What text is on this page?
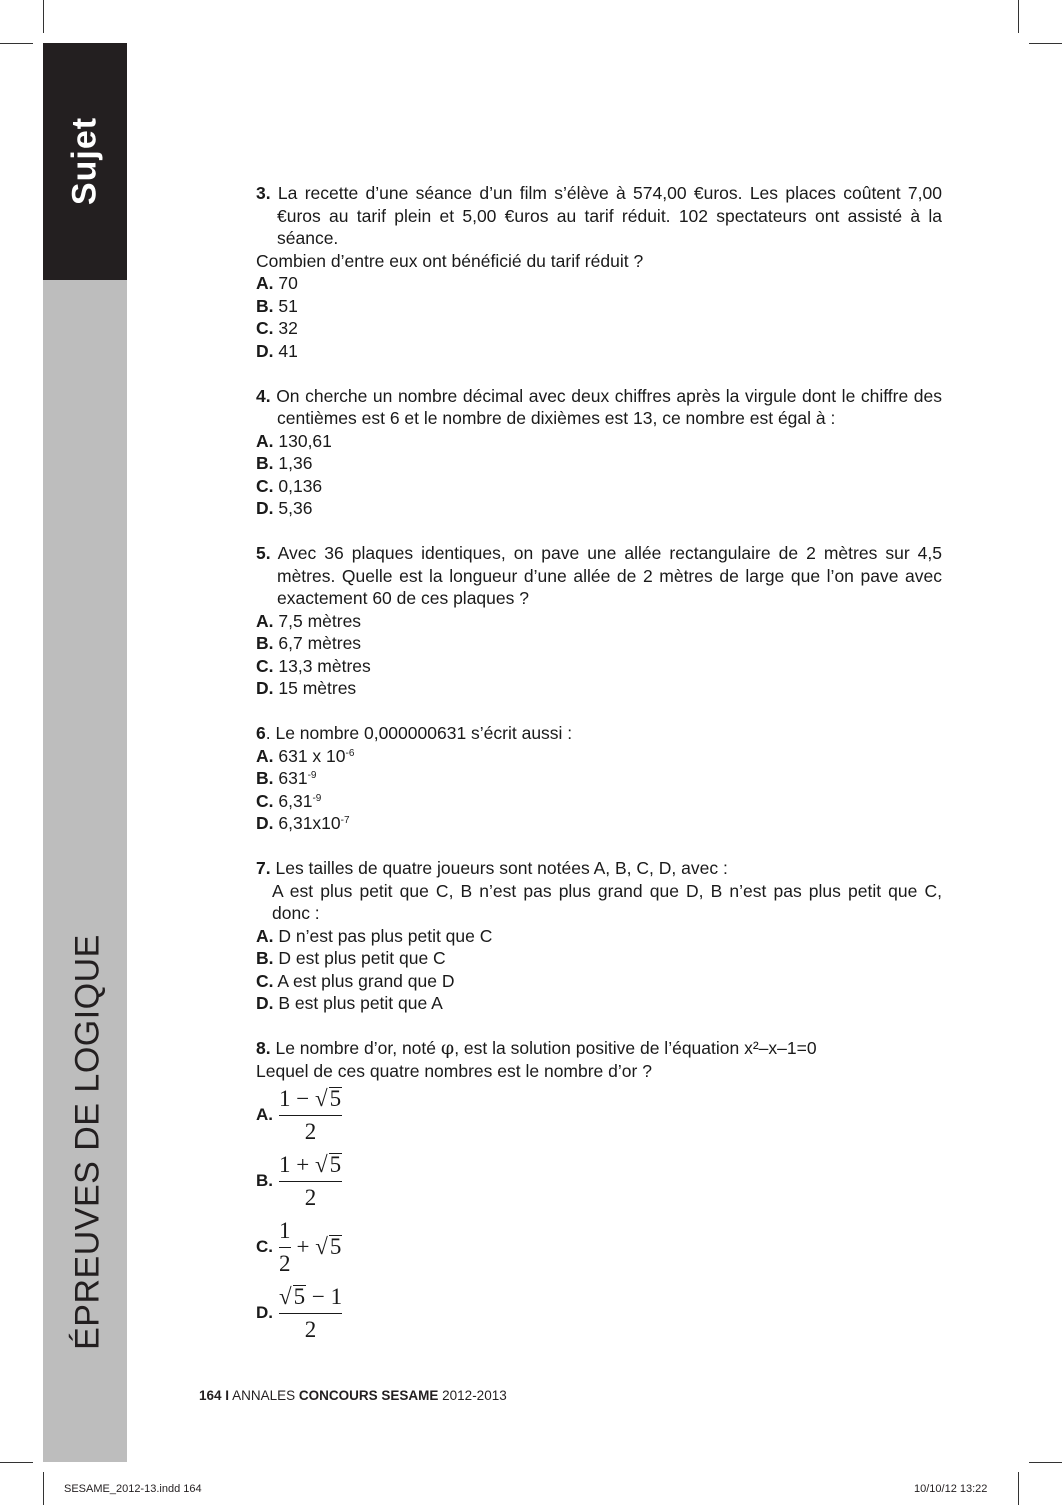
Sujet
ÉPREUVES DE LOGIQUE
3. La recette d’une séance d’un film s’élève à 574,00 €uros. Les places coûtent 7,00 €uros au tarif plein et 5,00 €uros au tarif réduit. 102 spectateurs ont assisté à la séance.
Combien d’entre eux ont bénéficié du tarif réduit ?
A. 70
B. 51
C. 32
D. 41
4. On cherche un nombre décimal avec deux chiffres après la virgule dont le chiffre des centièmes est 6 et le nombre de dixièmes est 13, ce nombre est égal à :
A. 130,61
B. 1,36
C. 0,136
D. 5,36
5. Avec 36 plaques identiques, on pave une allée rectangulaire de 2 mètres sur 4,5 mètres. Quelle est la longueur d’une allée de 2 mètres de large que l’on pave avec exactement 60 de ces plaques ?
A. 7,5 mètres
B. 6,7 mètres
C. 13,3 mètres
D. 15 mètres
6. Le nombre 0,000000631 s’écrit aussi :
A. 631 x $10^{-6}$
B. $631^{-9}$
C. $6,31^{-9}$
D. $6,31x10^{-7}$
7. Les tailles de quatre joueurs sont notées A, B, C, D, avec :
A est plus petit que C, B n’est pas plus grand que D, B n’est pas plus petit que C, donc :
A. D n’est pas plus petit que C
B. D est plus petit que C
C. A est plus grand que D
D. B est plus petit que A
8. Le nombre d’or, noté φ, est la solution positive de l’équation x²–x–1=0
Lequel de ces quatre nombres est le nombre d’or ?
A. $\frac{1 - √5}{2}$
B. $\frac{1 + √5}{2}$
C. $\frac{1}{2} + √5$
D. $\frac{√5 - 1}{2}$
164 I ANNALES CONCOURS SESAME 2012-2013
SESAME_2012-13.indd 164	10/10/12 13:22
